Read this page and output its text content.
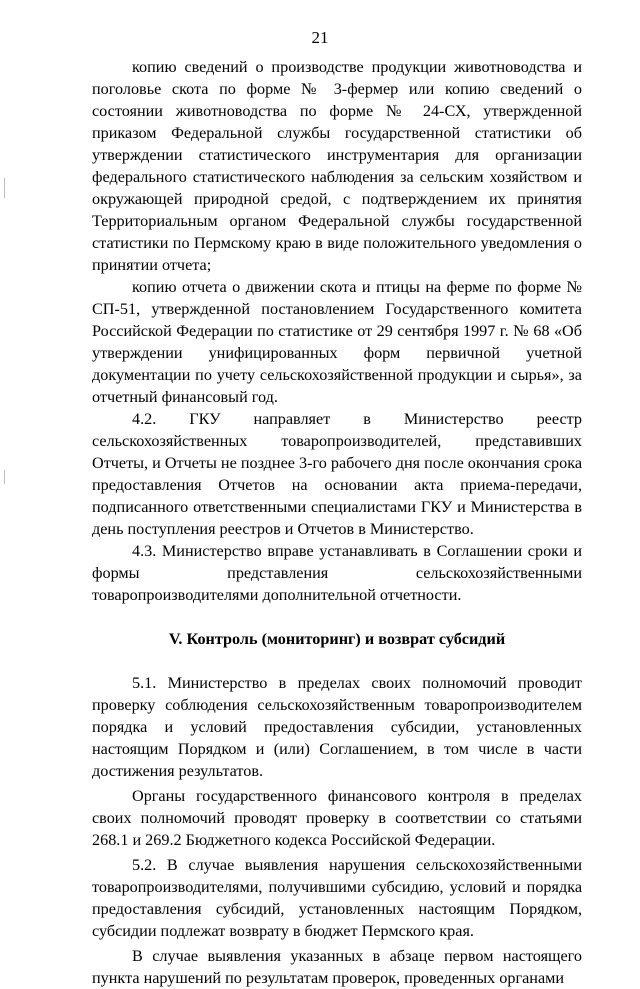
21

копию сведений о производстве продукции животноводства и поголовье скота по форме № 3-фермер или копию сведений о состоянии животноводства по форме № 24-СХ, утвержденной приказом Федеральной службы государственной статистики об утверждении статистического инструментария для организации федерального статистического наблюдения за сельским хозяйством и окружающей природной средой, с подтверждением их принятия Территориальным органом Федеральной службы государственной статистики по Пермскому краю в виде положительного уведомления о принятии отчета;

копию отчета о движении скота и птицы на ферме по форме № СП-51, утвержденной постановлением Государственного комитета Российской Федерации по статистике от 29 сентября 1997 г. № 68 «Об утверждении унифицированных форм первичной учетной документации по учету сельскохозяйственной продукции и сырья», за отчетный финансовый год.

4.2. ГКУ направляет в Министерство реестр сельскохозяйственных товаропроизводителей, представивших Отчеты, и Отчеты не позднее 3-го рабочего дня после окончания срока предоставления Отчетов на основании акта приема-передачи, подписанного ответственными специалистами ГКУ и Министерства в день поступления реестров и Отчетов в Министерство.

4.3. Министерство вправе устанавливать в Соглашении сроки и формы представления сельскохозяйственными товаропроизводителями дополнительной отчетности.

V. Контроль (мониторинг) и возврат субсидий

5.1. Министерство в пределах своих полномочий проводит проверку соблюдения сельскохозяйственным товаропроизводителем порядка и условий предоставления субсидии, установленных настоящим Порядком и (или) Соглашением, в том числе в части достижения результатов.

Органы государственного финансового контроля в пределах своих полномочий проводят проверку в соответствии со статьями 268.1 и 269.2 Бюджетного кодекса Российской Федерации.

5.2. В случае выявления нарушения сельскохозяйственными товаропроизводителями, получившими субсидию, условий и порядка предоставления субсидий, установленных настоящим Порядком, субсидии подлежат возврату в бюджет Пермского края.

В случае выявления указанных в абзаце первом настоящего пункта нарушений по результатам проверок, проведенных органами
